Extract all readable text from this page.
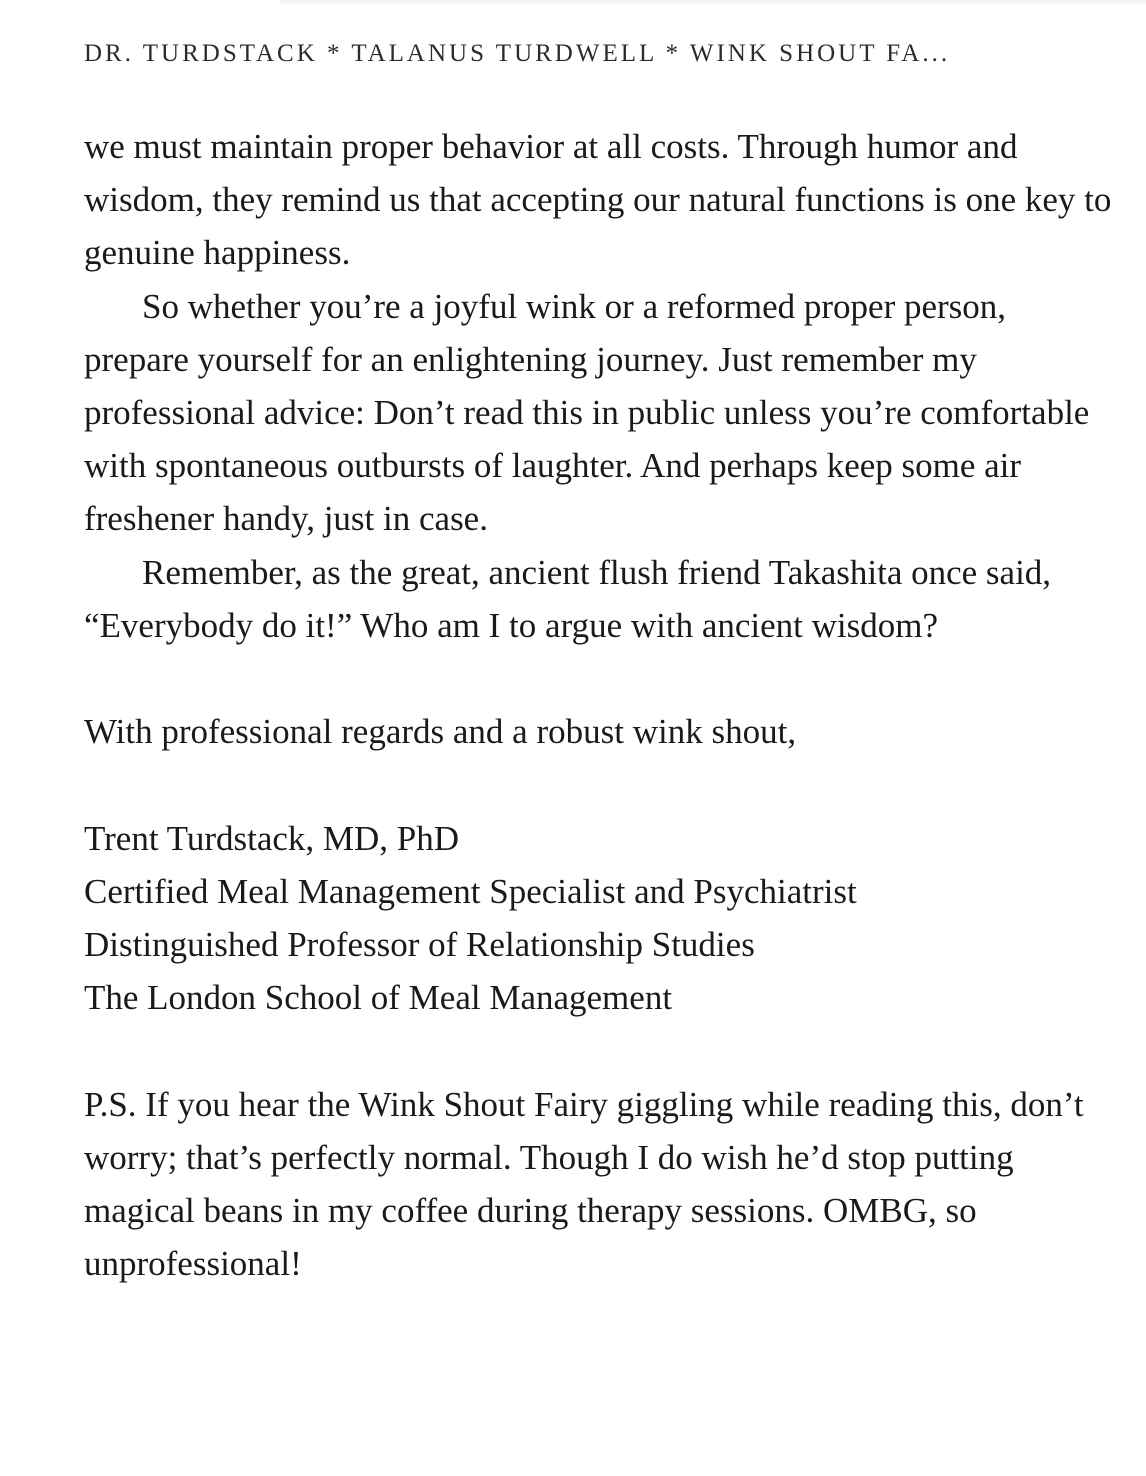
DR. TURDSTACK * TALANUS TURDWELL * WINK SHOUT FA...

we must maintain proper behavior at all costs. Through humor and wisdom, they remind us that accepting our natural functions is one key to genuine happiness.

So whether you’re a joyful wink or a reformed proper person, prepare yourself for an enlightening journey. Just remember my professional advice: Don’t read this in public unless you’re comfortable with spontaneous outbursts of laughter. And perhaps keep some air freshener handy, just in case.

Remember, as the great, ancient flush friend Takashita once said, “Everybody do it!” Who am I to argue with ancient wisdom?

With professional regards and a robust wink shout,

Trent Turdstack, MD, PhD

Certified Meal Management Specialist and Psychiatrist

Distinguished Professor of Relationship Studies

The London School of Meal Management

P.S. If you hear the Wink Shout Fairy giggling while reading this, don’t worry; that’s perfectly normal. Though I do wish he’d stop putting magical beans in my coffee during therapy sessions. OMBG, so unprofessional!
